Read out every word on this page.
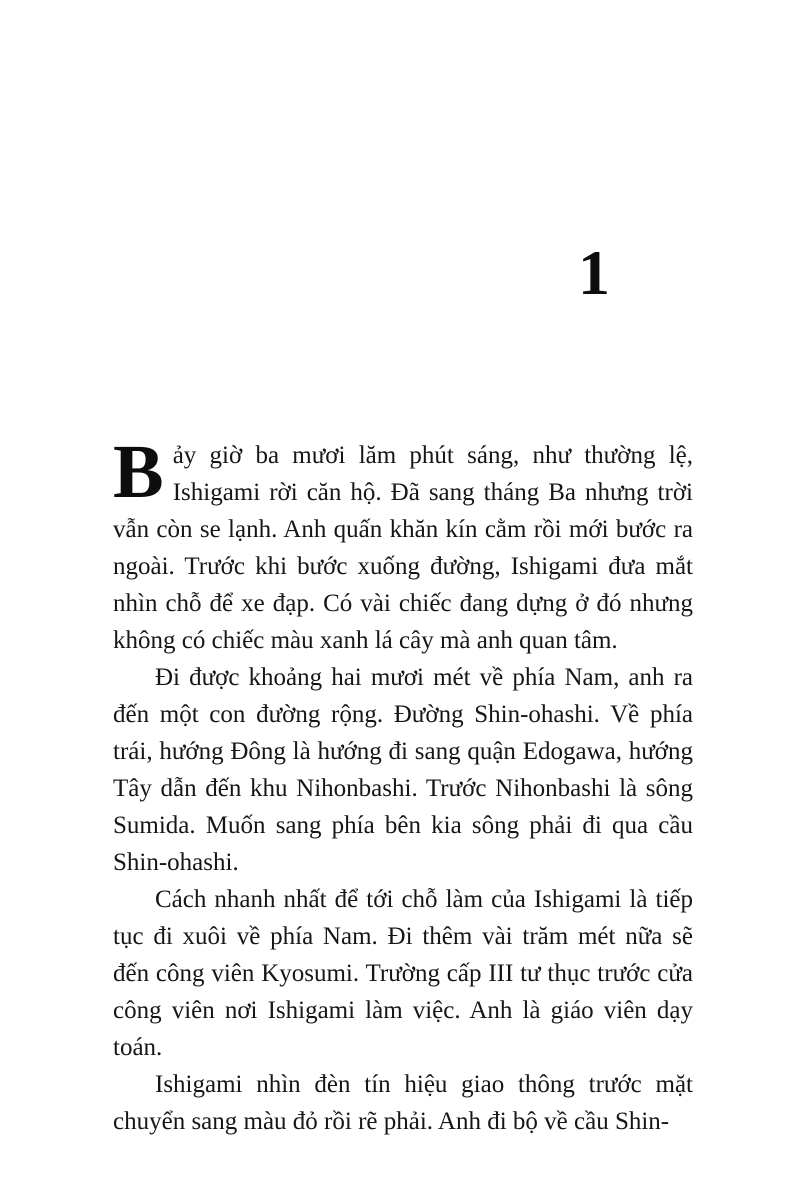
1

Bảy giờ ba mươi lăm phút sáng, như thường lệ, Ishigami rời căn hộ. Đã sang tháng Ba nhưng trời vẫn còn se lạnh. Anh quấn khăn kín cằm rồi mới bước ra ngoài. Trước khi bước xuống đường, Ishigami đưa mắt nhìn chỗ để xe đạp. Có vài chiếc đang dựng ở đó nhưng không có chiếc màu xanh lá cây mà anh quan tâm.

Đi được khoảng hai mươi mét về phía Nam, anh ra đến một con đường rộng. Đường Shin-ohashi. Về phía trái, hướng Đông là hướng đi sang quận Edogawa, hướng Tây dẫn đến khu Nihonbashi. Trước Nihonbashi là sông Sumida. Muốn sang phía bên kia sông phải đi qua cầu Shin-ohashi.

Cách nhanh nhất để tới chỗ làm của Ishigami là tiếp tục đi xuôi về phía Nam. Đi thêm vài trăm mét nữa sẽ đến công viên Kyosumi. Trường cấp III tư thục trước cửa công viên nơi Ishigami làm việc. Anh là giáo viên dạy toán.

Ishigami nhìn đèn tín hiệu giao thông trước mặt chuyển sang màu đỏ rồi rẽ phải. Anh đi bộ về cầu Shin-
